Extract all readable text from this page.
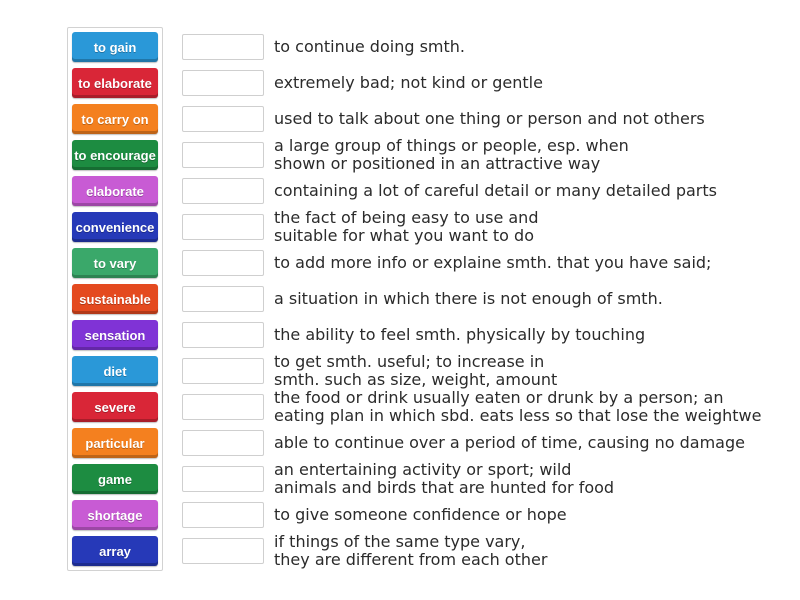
to gain
to elaborate
to carry on
to encourage
elaborate
convenience
to vary
sustainable
sensation
diet
severe
particular
game
shortage
array
to continue doing smth.
extremely bad; not kind or gentle
used to talk about one thing or person and not others
a large group of things or people, esp. when
shown or positioned in an attractive way
containing a lot of careful detail or many detailed parts
the fact of being easy to use and
suitable for what you want to do
to add more info or explaine smth. that you have said;
a situation in which there is not enough of smth.
the ability to feel smth. physically by touching
to get smth. useful; to increase in
smth. such as size, weight, amount
the food or drink usually eaten or drunk by a person; an
eating plan in which sbd. eats less so that lose the weightwe
able to continue over a period of time, causing no damage
an entertaining activity or sport; wild
animals and birds that are hunted for food
to give someone confidence or hope
if things of the same type vary,
they are different from each other
